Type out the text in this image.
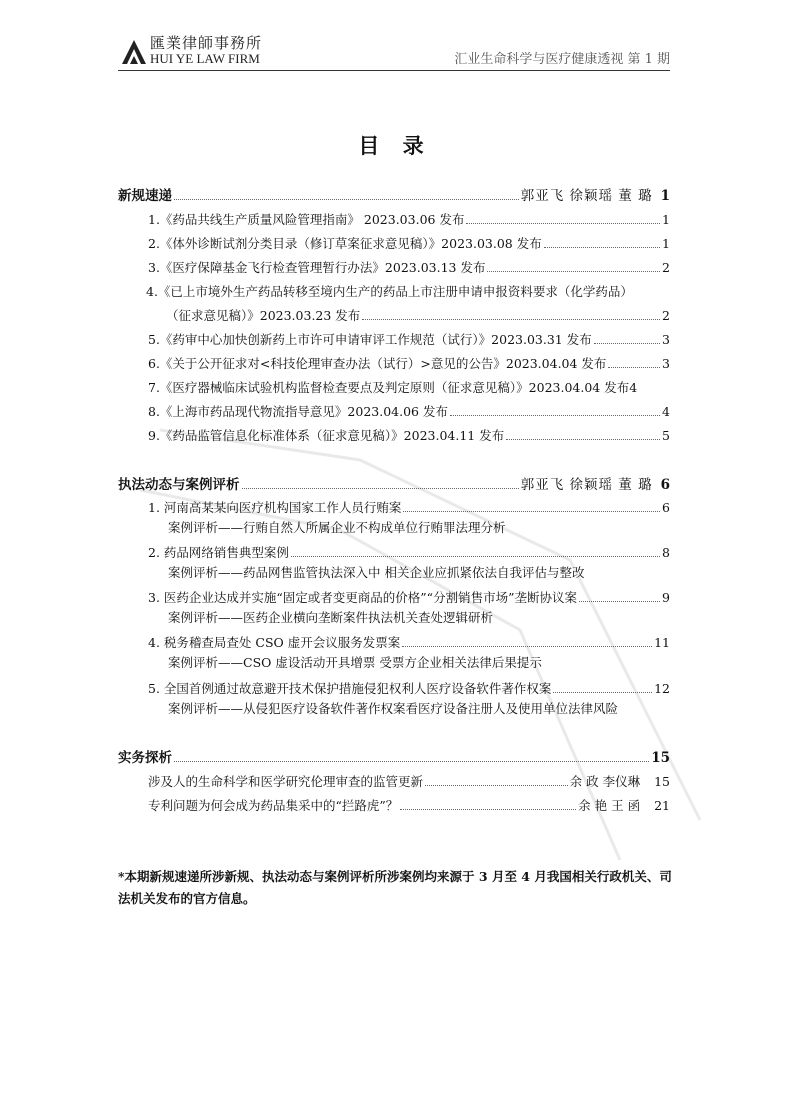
匯業律師事務所
HUI YE LAW FIRM	汇业生命科学与医疗健康透视 第 1 期
目 录
新规速递	郭亚飞 徐颖瑶 董 璐 1
1.《药品共线生产质量风险管理指南》 2023.03.06 发布	1
2.《体外诊断试剂分类目录（修订草案征求意见稿）》2023.03.08 发布	1
3.《医疗保障基金飞行检查管理暂行办法》2023.03.13 发布	2
4.《已上市境外生产药品转移至境内生产的药品上市注册申请申报资料要求（化学药品）
（征求意见稿）》2023.03.23 发布	2
5.《药审中心加快创新药上市许可申请审评工作规范（试行）》2023.03.31 发布	3
6.《关于公开征求对<科技伦理审查办法（试行）>意见的公告》2023.04.04 发布	3
7.《医疗器械临床试验机构监督检查要点及判定原则（征求意见稿）》2023.04.04 发布 4
8.《上海市药品现代物流指导意见》2023.04.06 发布	4
9.《药品监管信息化标准体系（征求意见稿）》2023.04.11 发布	5
执法动态与案例评析	郭亚飞 徐颖瑶 董 璐 6
1. 河南高某某向医疗机构国家工作人员行贿案	6
案例评析——行贿自然人所属企业不构成单位行贿罪法理分析
2. 药品网络销售典型案例	8
案例评析——药品网售监管执法深入中 相关企业应抓紧依法自我评估与整改
3. 医药企业达成并实施“固定或者变更商品的价格”“分割销售市场”垄断协议案	9
案例评析——医药企业横向垄断案件执法机关查处逻辑研析
4. 税务稽查局查处 CSO 虚开会议服务发票案	11
案例评析——CSO 虚设活动开具增票 受票方企业相关法律后果提示
5. 全国首例通过故意避开技术保护措施侵犯权利人医疗设备软件著作权案	12
案例评析——从侵犯医疗设备软件著作权案看医疗设备注册人及使用单位法律风险
实务探析	15
涉及人的生命科学和医学研究伦理审查的监管更新	余 政 李仪琳 15
专利问题为何会成为药品集采中的“拦路虎”？	余 艳 王 函 21
*本期新规速递所涉新规、执法动态与案例评析所涉案例均来源于 3 月至 4 月我国相关行政机关、司法机关发布的官方信息。
